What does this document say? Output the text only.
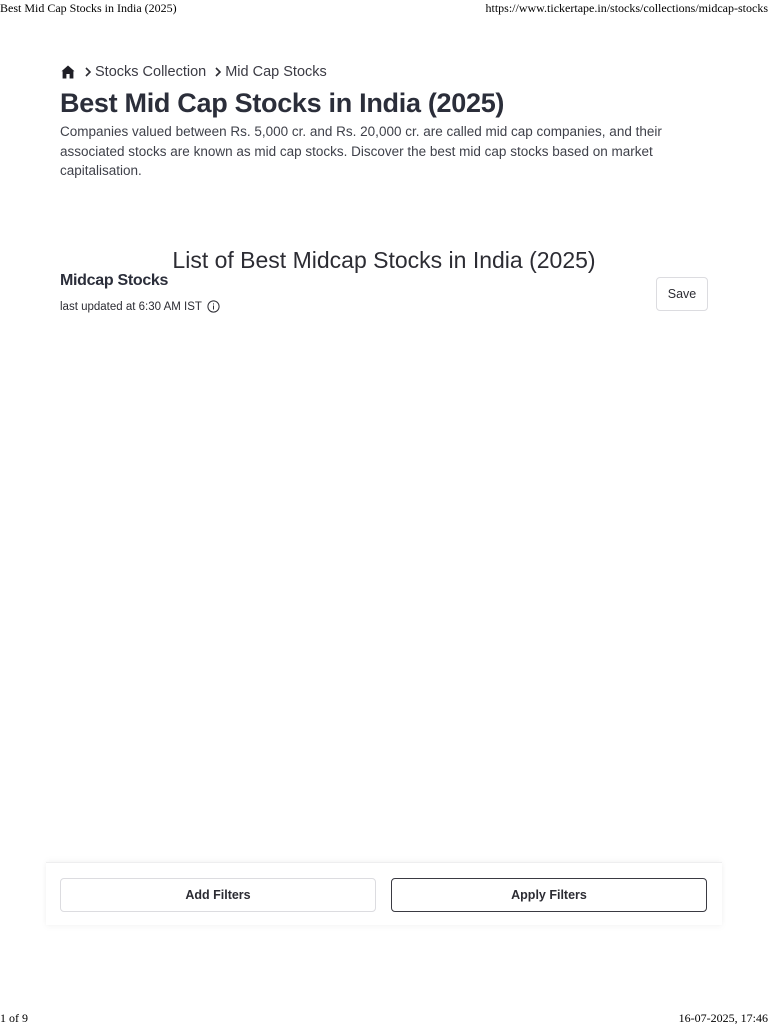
Best Mid Cap Stocks in India (2025)	https://www.tickertape.in/stocks/collections/midcap-stocks
Stocks Collection Mid Cap Stocks
Best Mid Cap Stocks in India (2025)

Companies valued between Rs. 5,000 cr. and Rs. 20,000 cr. are called mid cap companies, and their associated stocks are known as mid cap stocks. Discover the best mid cap stocks based on market capitalisation.

List of Best Midcap Stocks in India (2025)
Midcap Stocks
last updated at 6:30 AM IST
Save
Add Filters	Apply Filters
1 of 9	16-07-2025, 17:46
